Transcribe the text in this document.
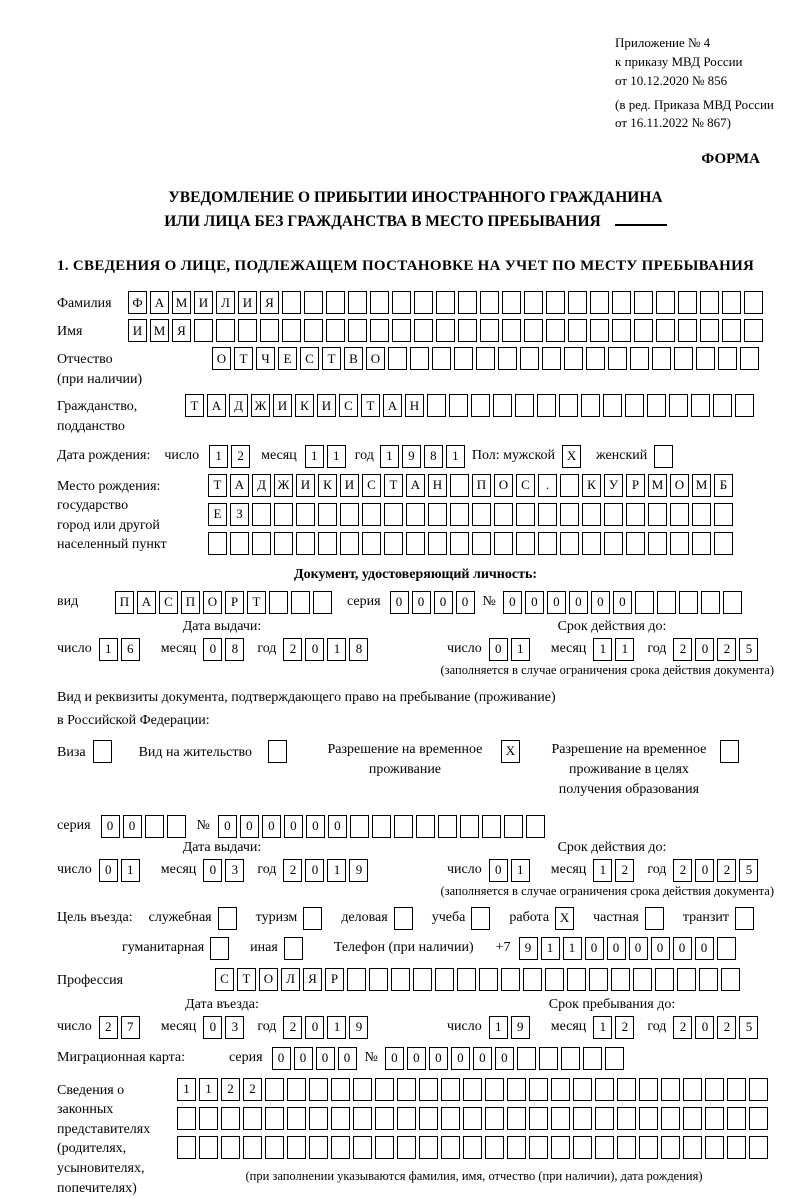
Приложение № 4
к приказу МВД России
от 10.12.2020 № 856
(в ред. Приказа МВД России
от 16.11.2022 № 867)
ФОРМА
УВЕДОМЛЕНИЕ О ПРИБЫТИИ ИНОСТРАННОГО ГРАЖДАНИНА
ИЛИ ЛИЦА БЕЗ ГРАЖДАНСТВА В МЕСТО ПРЕБЫВАНИЯ
1. СВЕДЕНИЯ О ЛИЦЕ, ПОДЛЕЖАЩЕМ ПОСТАНОВКЕ НА УЧЕТ ПО МЕСТУ ПРЕБЫВАНИЯ
Фамилия	Ф А М И Л И Я
Имя	И М Я
Отчество
(при наличии)
О	Т	Ч	Е	С	Т	В О
Гражданство,
подданство
Т	А Д Ж И К И С	Т	А Н
Дата рождения: число	1	2	месяц	1	1	год 1	9	8	1 Пол: мужской X	женский
Место рождения:
государство
город или другой
населенный пункт
Т	А Д Ж И К И С	Т	А Н	П О С	.	К	У	Р М О М Б
Е	З
Документ, удостоверяющий личность:
вид	П А С П О	Р	Т	серия	0	0	0	0	№	0	0	0	0	0	0
Дата выдачи:
число	1	6	месяц	0	8	год	2	0	1	8
Срок действия до:
число	0	1	месяц	1	1	год	2	0	2	5
(заполняется в случае ограничения срока действия документа)
Вид и реквизиты документа, подтверждающего право на пребывание (проживание)
в Российской Федерации:
Виза	Вид на жительство	Разрешение на временное проживание
X	Разрешение на временное проживание в целях получения образования
серия	0	0	№	0	0	0	0	0	0
Дата выдачи:
число	0	1	месяц	0	3	год	2	0	1	9
Срок действия до:
число	0	1	месяц	1	2	год	2	0	2	5
(заполняется в случае ограничения срока действия документа)
Цель въезда: служебная	туризм	деловая	учеба	работа X	частная	транзит
гуманитарная	иная	Телефон (при наличии) +7	9	1	1	0	0	0	0	0	0
Профессия	С	Т	О Л	Я	Р
Дата въезда:
число	2	7	месяц	0	3	год	2	0	1	9
Срок пребывания до:
число	1	9	месяц	1	2	год	2	0	2	5
Миграционная карта:	серия	0	0	0	0	№	0	0	0	0	0	0
Сведения о
законных
представителях
(родителях,
усыновителях,
попечителях)
1	1	2	2
(при заполнении указываются фамилия, имя, отчество (при наличии), дата рождения)
